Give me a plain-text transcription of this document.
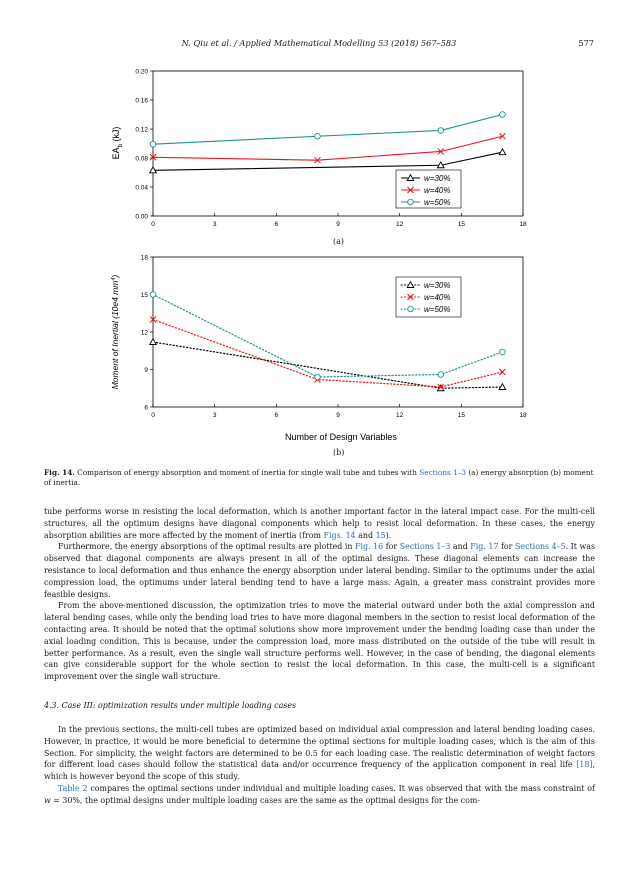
N. Qiu et al. / Applied Mathematical Modelling 53 (2018) 567–583	577
0	3	6	9	12	15	18
0.00
0.04
0.08
0.12
0.16
0.20
w=30%
w=40%
w=50%
$EA_b$ (kJ)
(a)
0	3	6	9	12	15	18
6
9
12
15
18
w=30%
w=40%
w=50%
Moment of Inertial (10e4 $mm^4$)
Number of Design Variables
(b)
Fig. 14. Comparison of energy absorption and moment of inertia for single wall tube and tubes with Sections 1–3 (a) energy absorption (b) moment of inertia.

tube performs worse in resisting the local deformation, which is another important factor in the lateral impact case. For the multi-cell structures, all the optimum designs have diagonal components which help to resist local deformation. In these cases, the energy absorption abilities are more affected by the moment of inertia (from Figs. 14 and 15).

Furthermore, the energy absorptions of the optimal results are plotted in Fig. 16 for Sections 1–3 and Fig. 17 for Sections 4–5. It was observed that diagonal components are always present in all of the optimal designs. These diagonal elements can increase the resistance to local deformation and thus enhance the energy absorption under lateral bending. Similar to the optimums under the axial compression load, the optimums under lateral bending tend to have a large mass. Again, a greater mass constraint provides more feasible designs.

From the above-mentioned discussion, the optimization tries to move the material outward under both the axial compression and lateral bending cases, while only the bending load tries to have more diagonal members in the section to resist local deformation of the contacting area. It should be noted that the optimal solutions show more improvement under the bending loading case than under the axial loading condition. This is because, under the compression load, more mass distributed on the outside of the tube will result in better performance. As a result, even the single wall structure performs well. However, in the case of bending, the diagonal elements can give considerable support for the whole section to resist the local deformation. In this case, the multi-cell is a significant improvement over the single wall structure.

4.3. Case III: optimization results under multiple loading cases

In the previous sections, the multi-cell tubes are optimized based on individual axial compression and lateral bending loading cases. However, in practice, it would be more beneficial to determine the optimal sections for multiple loading cases, which is the aim of this Section. For simplicity, the weight factors are determined to be 0.5 for each loading case. The realistic determination of weight factors for different load cases should follow the statistical data and/or occurrence frequency of the application component in real life [18], which is however beyond the scope of this study.

Table 2 compares the optimal sections under individual and multiple loading cases. It was observed that with the mass constraint of w = 30%, the optimal designs under multiple loading cases are the same as the optimal designs for the com-
